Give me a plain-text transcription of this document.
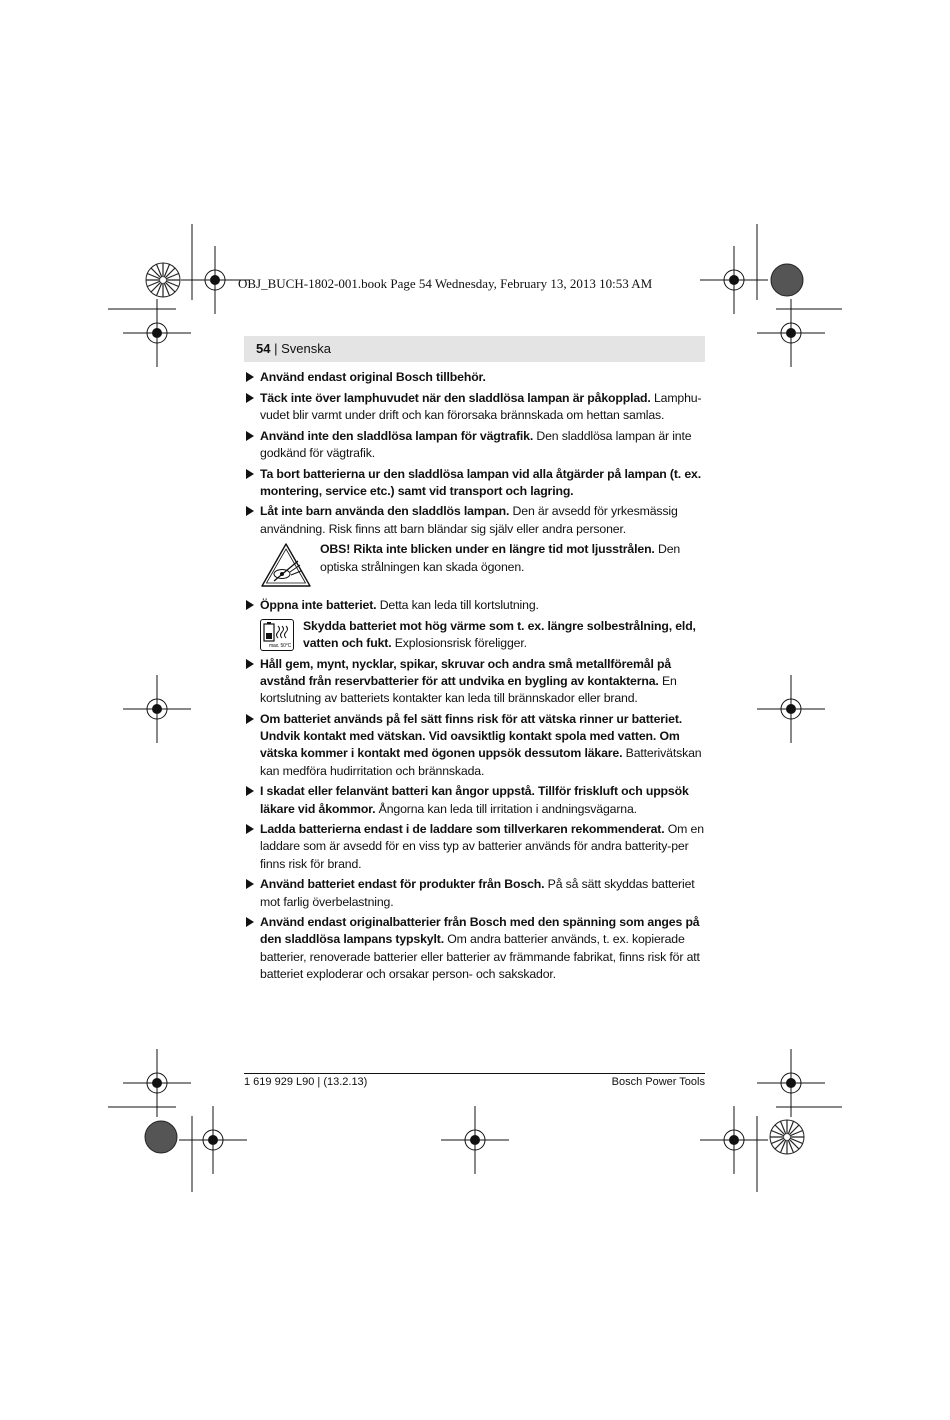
OBJ_BUCH-1802-001.book Page 54 Wednesday, February 13, 2013 10:53 AM
54 | Svenska
Använd endast original Bosch tillbehör.
Täck inte över lamphuvudet när den sladdlösa lampan är påkopplad. Lamphu-vudet blir varmt under drift och kan förorsaka brännskada om hettan samlas.
Använd inte den sladdlösa lampan för vägtrafik. Den sladdlösa lampan är inte godkänd för vägtrafik.
Ta bort batterierna ur den sladdlösa lampan vid alla åtgärder på lampan (t. ex. montering, service etc.) samt vid transport och lagring.
Låt inte barn använda den sladdlös lampan. Den är avsedd för yrkesmässig användning. Risk finns att barn bländar sig själv eller andra personer.
OBS! Rikta inte blicken under en längre tid mot ljusstrålen. Den optiska strålningen kan skada ögonen.
Öppna inte batteriet. Detta kan leda till kortslutning.
max. 50°C
Skydda batteriet mot hög värme som t. ex. längre solbestrålning, eld, vatten och fukt. Explosionsrisk föreligger.
Håll gem, mynt, nycklar, spikar, skruvar och andra små metallföremål på avstånd från reservbatterier för att undvika en bygling av kontakterna. En kortslutning av batteriets kontakter kan leda till brännskador eller brand.
Om batteriet används på fel sätt finns risk för att vätska rinner ur batteriet. Undvik kontakt med vätskan. Vid oavsiktlig kontakt spola med vatten. Om vätska kommer i kontakt med ögonen uppsök dessutom läkare. Batterivätskan kan medföra hudirritation och brännskada.
I skadat eller felanvänt batteri kan ångor uppstå. Tillför friskluft och uppsök läkare vid åkommor. Ångorna kan leda till irritation i andningsvägarna.
Ladda batterierna endast i de laddare som tillverkaren rekommenderat. Om en laddare som är avsedd för en viss typ av batterier används för andra batterity-per finns risk för brand.
Använd batteriet endast för produkter från Bosch. På så sätt skyddas batteriet mot farlig överbelastning.
Använd endast originalbatterier från Bosch med den spänning som anges på den sladdlösa lampans typskylt. Om andra batterier används, t. ex. kopierade batterier, renoverade batterier eller batterier av främmande fabrikat, finns risk för att batteriet exploderar och orsakar person- och sakskador.
1 619 929 L90 | (13.2.13)	Bosch Power Tools
